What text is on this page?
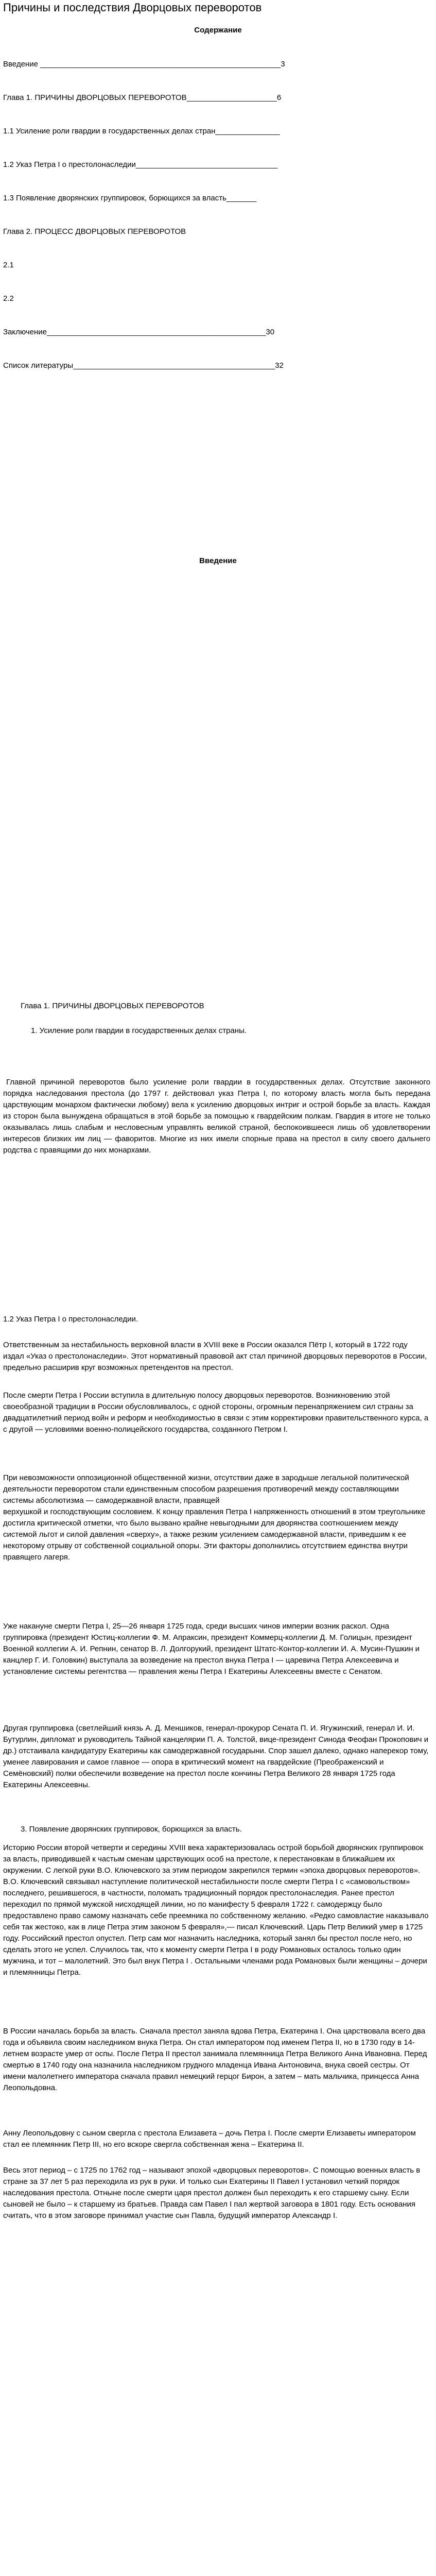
Причины и последствия Дворцовых переворотов
Содержание

Введение ________________________________________________________3

Глава 1. ПРИЧИНЫ ДВОРЦОВЫХ ПЕРЕВОРОТОВ_____________________6

1.1 Усиление роли гвардии в государственных делах стран_______________

1.2 Указ Петра I о престолонаследии_________________________________

1.3 Появление дворянских группировок, борющихся за власть_______

Глава 2. ПРОЦЕСС ДВОРЦОВЫХ ПЕРЕВОРОТОВ

2.1

2.2

Заключение___________________________________________________30

Список литературы_______________________________________________32

Введение
Глава 1. ПРИЧИНЫ ДВОРЦОВЫХ ПЕРЕВОРОТОВ
1. Усиление роли гвардии в государственных делах страны.

Главной причиной переворотов было усиление роли гвардии в государственных делах. Отсутствие законного порядка наследования престола (до 1797 г. действовал указ Петра I, по которому власть могла быть передана царствующим монархом фактически любому) вела к усилению дворцовых интриг и острой борьбе за власть. Каждая из сторон была вынуждена обращаться в этой борьбе за помощью к гвардейским полкам. Гвардия в итоге не только оказывалась лишь слабым и несловесным управлять великой страной, беспокоившееся лишь об удовлетворении интересов близких им лиц — фаворитов. Многие из них имели спорные права на престол в силу своего дальнего родства с правящими до них монархами.

1.2 Указ Петра I о престолонаследии.

Ответственным за нестабильность верховной власти в XVIII веке в России оказался Пётр I, который в 1722 году издал «Указ о престолонаследии». Этот нормативный правовой акт стал причиной дворцовых переворотов в России, предельно расширив круг возможных претендентов на престол.

После смерти Петра I России вступила в длительную полосу дворцовых переворотов. Возникновению этой своеобразной традиции в России обусловливалось, с одной стороны, огромным перенапряжением сил страны за двадцатилетний период войн и реформ и необходимостью в связи с этим корректировки правительственного курса, а с другой — условиями военно-полицейского государства, созданного Петром I.

При невозможности оппозиционной общественной жизни, отсутствии даже в зародыше легальной политической деятельности переворотом стали единственным способом разрешения противоречий между составляющими
системы абсолютизма — самодержавной власти, правящей
верхушкой и господствующим сословием. К концу правления Петра I напряженность отношений в этом треугольнике достигла критической отметки, что было вызвано крайне невыгодными для дворянства соотношением между системой льгот и силой давления «сверху», а также резким усилением самодержавной власти, приведшим к ее некоторому отрыву от собственной социальной опоры. Эти факторы дополнились отсутствием единства внутри правящего лагеря.

Уже накануне смерти Петра I, 25—26 января 1725 года, среди высших чинов империи возник раскол. Одна группировка (президент Юстиц-коллегии Ф. М. Апраксин, президент Коммерц-коллегии Д. М. Голицын, президент Военной коллегии А. И. Репнин, сенатор В. Л. Долгорукий, президент Штатс-Контор-коллегии И. А. Мусин-Пушкин и канцлер Г. И. Головкин) выступала за возведение на престол внука Петра I — царевича Петра Алексеевича и установление системы регентства — правления жены Петра I Екатерины Алексеевны вместе с Сенатом.

Другая группировка (светлейший князь А. Д. Меншиков, генерал-прокурор Сената П. И. Ягужинский, генерал И. И. Бутурлин, дипломат и руководитель Тайной канцелярии П. А. Толстой, вице-президент Синода Феофан Прокопович и др.) отстаивала кандидатуру Екатерины как самодержавной государыни. Спор зашел далеко, однако наперекор тому, уменее лавирования и самое главное — опора в критический момент на гвардейские (Преображенский и Семёновский) полки обеспечили возведение на престол после кончины Петра Великого 28 января 1725 года Екатерины Алексеевны.

3. Появление дворянских группировок, борющихся за власть.

Историю России второй четверти и середины XVIII века характеризовалась острой борьбой дворянских группировок за власть, приводившей к частым сменам царствующих особ на престоле, к перестановкам в ближайшем их окружении. С легкой руки В.О. Ключевского за этим периодом закрепился термин «эпоха дворцовых переворотов». В.О. Ключевский связывал наступление политической нестабильности после смерти Петра I с «самовольством» последнего, решившегося, в частности, поломать традиционный порядок престолонаследия. Ранее престол переходил по прямой мужской нисходящей линии, но по манифесту 5 февраля 1722 г. самодержцу было предоставлено право самому назначать себе преемника по собственному желанию. «Редко самовластие наказывало себя так жестоко, как в лице Петра этим законом 5 февраля»,— писал Ключевский. Царь Петр Великий умер в 1725 году. Российский престол опустел. Петр сам мог назначить наследника, который занял бы престол после него, но сделать этого не успел. Случилось так, что к моменту смерти Петра I в роду Романовых осталось только один мужчина, и тот – малолетний. Это был внук Петра I . Остальными членами рода Романовых были женщины – дочери и племянницы Петра.

В России началась борьба за власть. Сначала престол заняла вдова Петра, Екатерина I. Она царствовала всего два года и объявила своим наследником внука Петра. Он стал императором под именем Петра II, но в 1730 году в 14-летнем возрасте умер от оспы. После Петра II престол занимала племянница Петра Великого Анна Ивановна. Перед смертью в 1740 году она назначила наследником грудного младенца Ивана Антоновича, внука своей сестры. От имени малолетнего императора сначала правил немецкий герцог Бирон, а затем – мать мальчика, принцесса Анна Леопольдовна.

Анну Леопольдовну с сыном свергла с престола Елизавета – дочь Петра I. После смерти Елизаветы императором стал ее племянник Петр III, но его вскоре свергла собственная жена – Екатерина II.

Весь этот период – с 1725 по 1762 год – называют эпохой «дворцовых переворотов». С помощью военных власть в стране за 37 лет 5 раз переходила из рук в руки. И только сын Екатерины II Павел I установил четкий порядок наследования престола. Отныне после смерти царя престол должен был переходить к его старшему сыну. Если сыновей не было – к старшему из братьев. Правда сам Павел I пал жертвой заговора в 1801 году. Есть основания считать, что в этом заговоре принимал участие сын Павла, будущий император Александр I.
